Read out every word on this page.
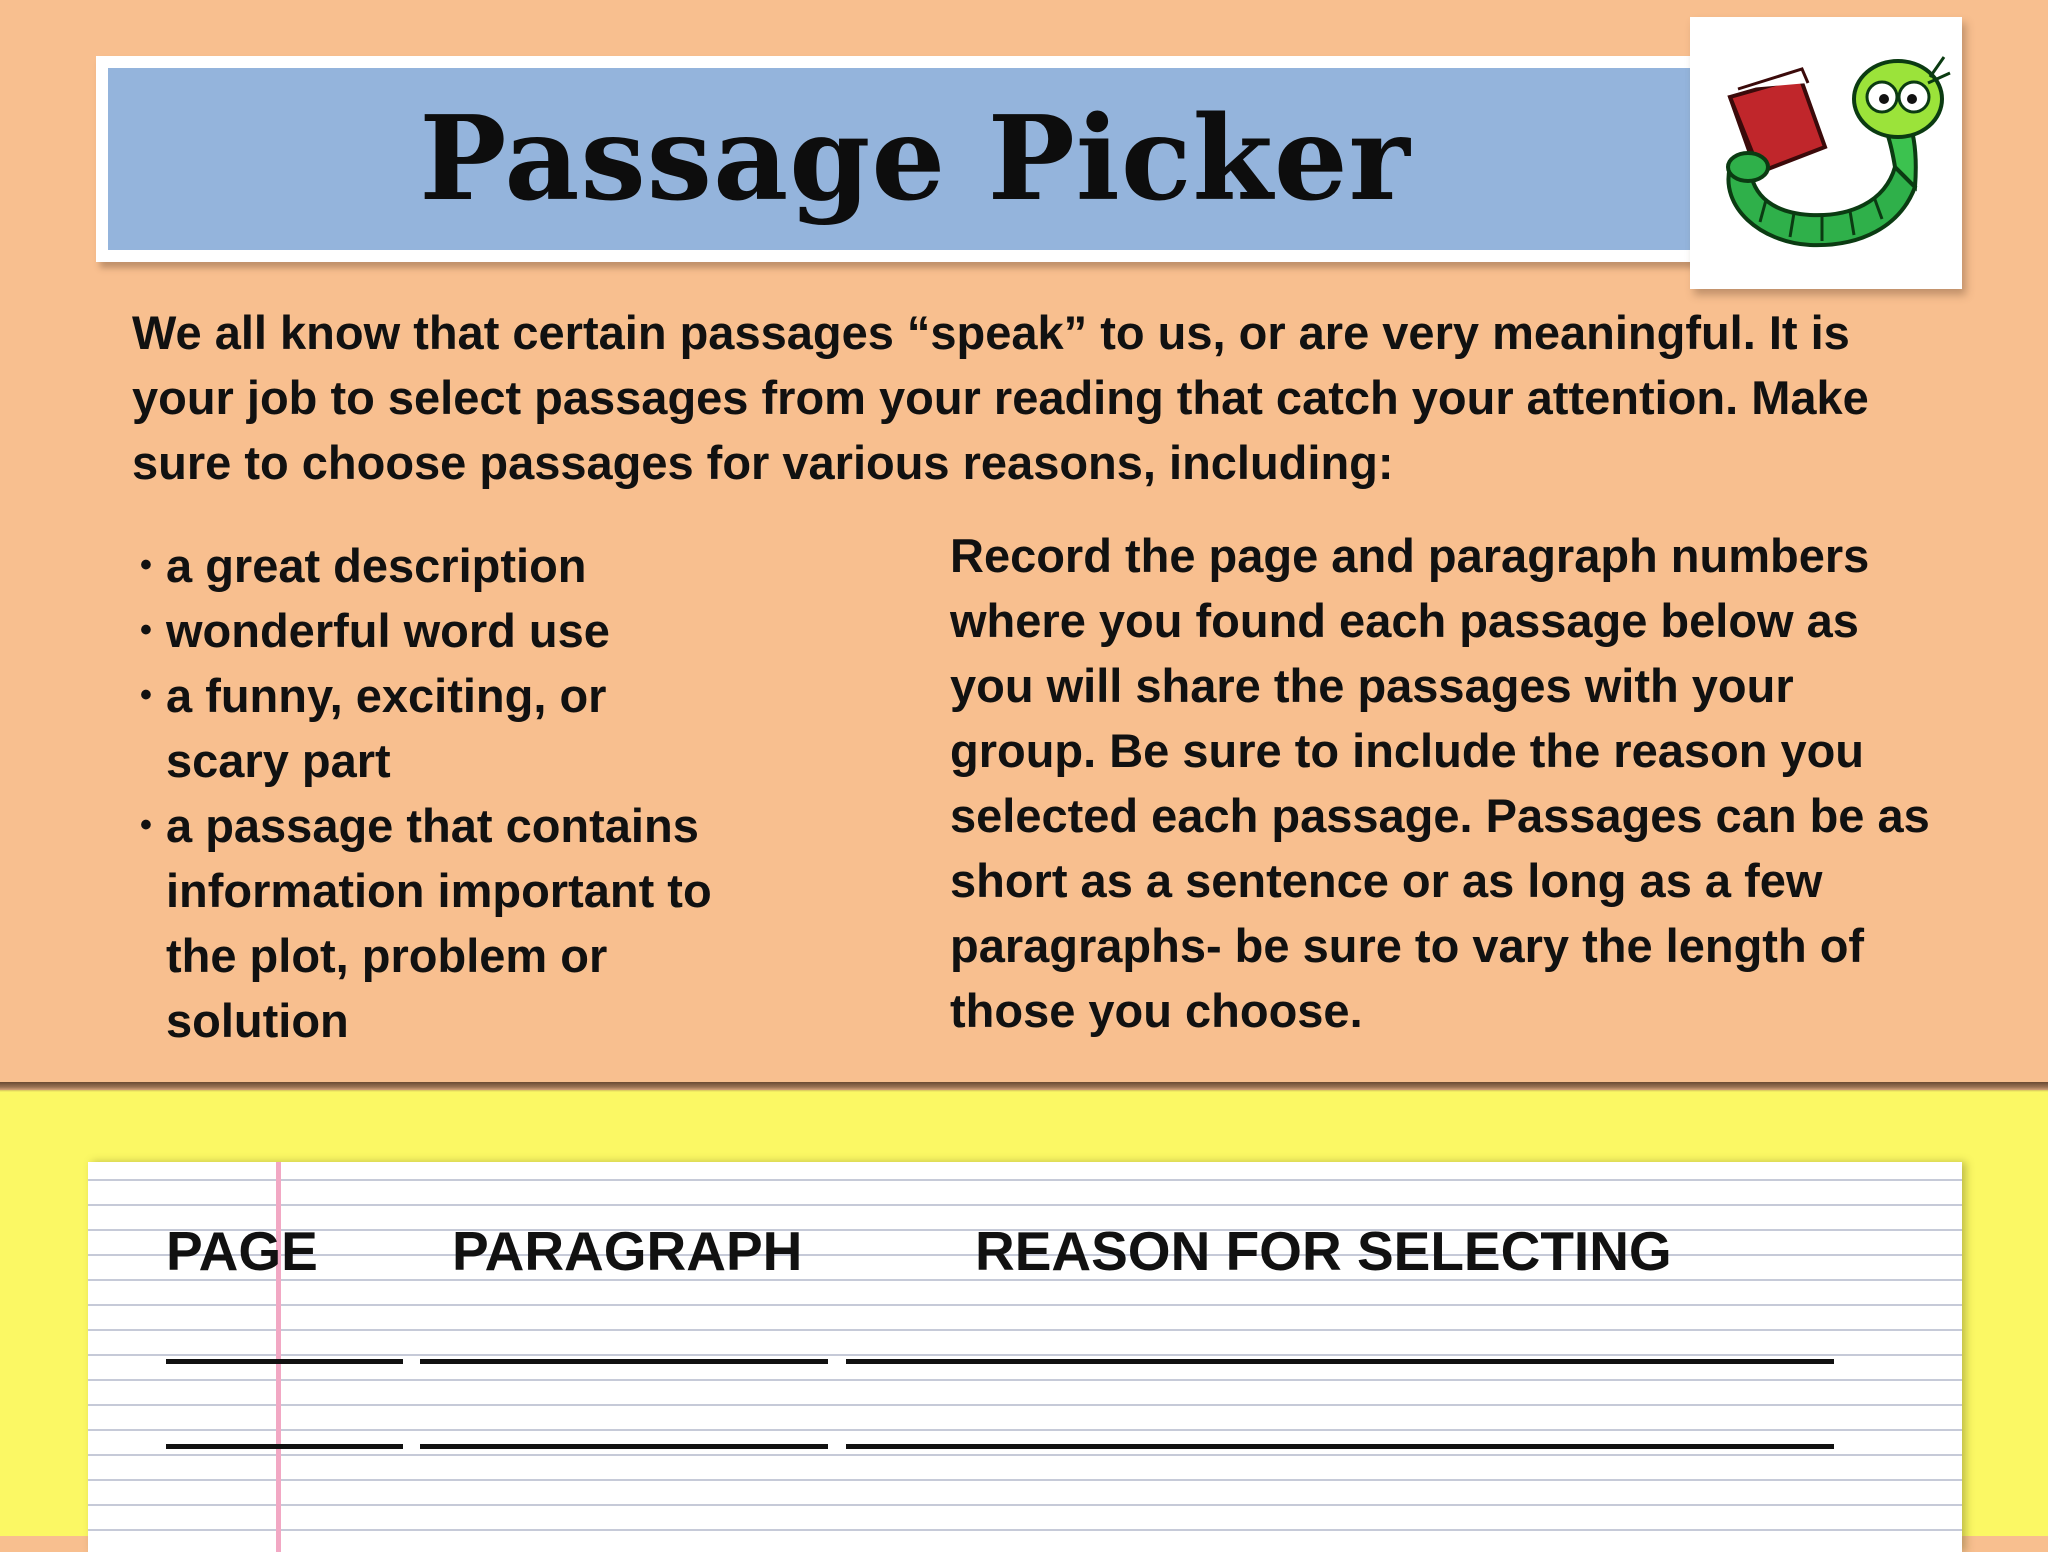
Passage Picker
We all know that certain passages “speak” to us, or are very meaningful. It is your job to select passages from your reading that catch your attention. Make sure to choose passages for various reasons, including:
• a great description
• wonderful word use
• a funny, exciting, or scary part
• a passage that contains information important to the plot, problem or solution
Record the page and paragraph numbers where you found each passage below as you will share the passages with your group. Be sure to include the reason you selected each passage. Passages can be as short as a sentence or as long as a few paragraphs- be sure to vary the length of those you choose.
PAGE PARAGRAPH	REASON FOR SELECTING
